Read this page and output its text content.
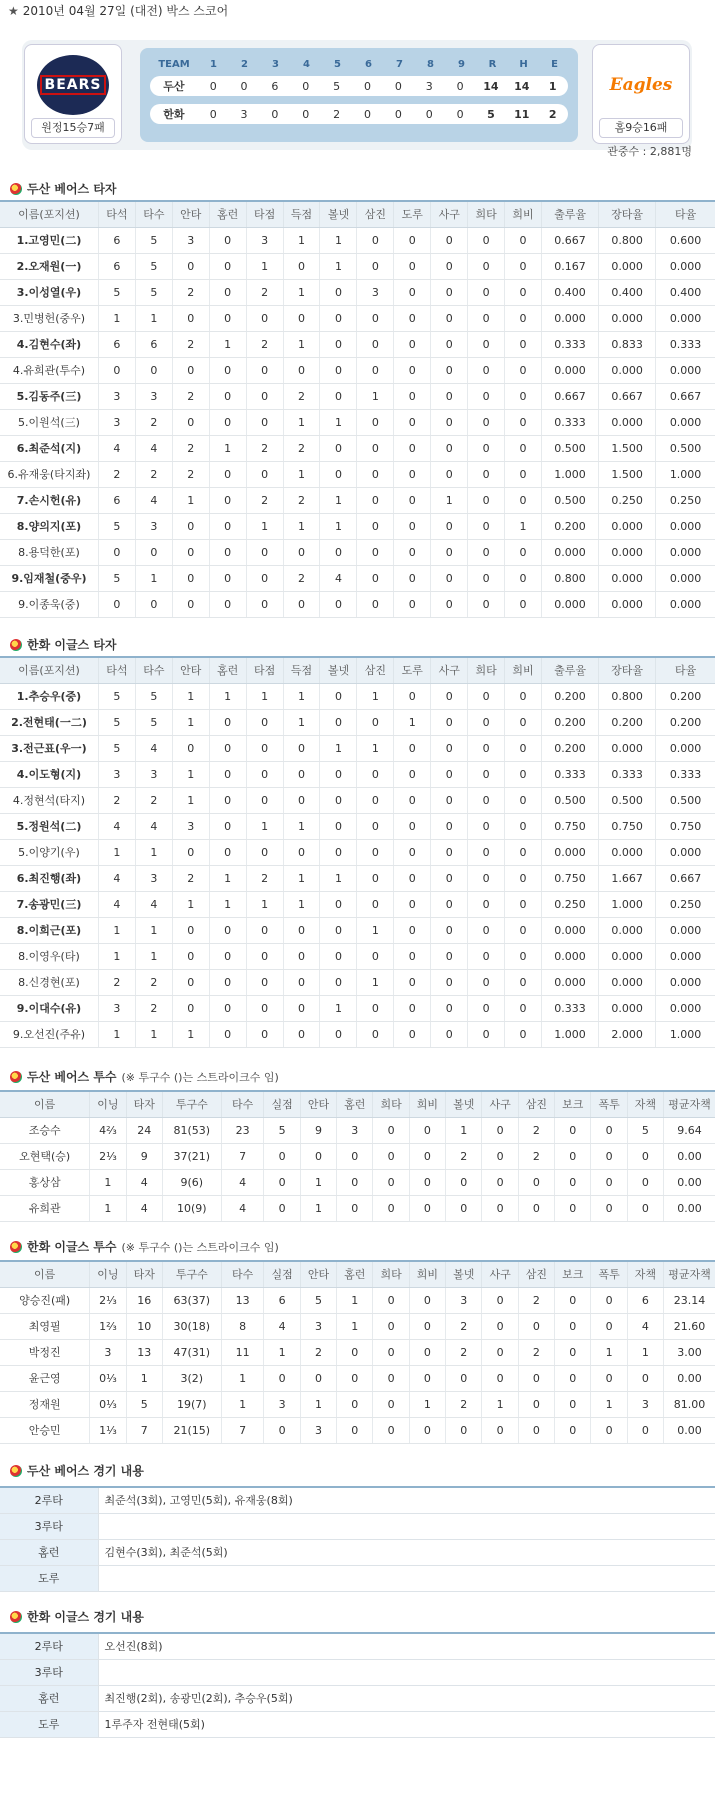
★ 2010년 04월 27일 (대전) 박스 스코어
BEARS
원정15승7패
TEAM	1	2	3	4	5	6	7	8	9	R	H	E
두산	0	0	6	0	5	0	0	3	0	14	14	1
한화	0	3	0	0	2	0	0	0	0	5	11	2
Eagles
홈9승16패
관중수 : 2,881명
두산 베어스 타자
이름(포지션)	타석	타수	안타	홈런	타점	득점	볼넷	삼진	도루	사구	희타	희비	출루율	장타율	타율
1.고영민(二)	6	5	3	0	3	1	1	0	0	0	0	0	0.667	0.800	0.600
2.오재원(一)	6	5	0	0	1	0	1	0	0	0	0	0	0.167	0.000	0.000
3.이성열(우)	5	5	2	0	2	1	0	3	0	0	0	0	0.400	0.400	0.400
3.민병헌(중우)	1	1	0	0	0	0	0	0	0	0	0	0	0.000	0.000	0.000
4.김현수(좌)	6	6	2	1	2	1	0	0	0	0	0	0	0.333	0.833	0.333
4.유희관(투수)	0	0	0	0	0	0	0	0	0	0	0	0	0.000	0.000	0.000
5.김동주(三)	3	3	2	0	0	2	0	1	0	0	0	0	0.667	0.667	0.667
5.이원석(三)	3	2	0	0	0	1	1	0	0	0	0	0	0.333	0.000	0.000
6.최준석(지)	4	4	2	1	2	2	0	0	0	0	0	0	0.500	1.500	0.500
6.유재웅(타지좌)	2	2	2	0	0	1	0	0	0	0	0	0	1.000	1.500	1.000
7.손시헌(유)	6	4	1	0	2	2	1	0	0	1	0	0	0.500	0.250	0.250
8.양의지(포)	5	3	0	0	1	1	1	0	0	0	0	1	0.200	0.000	0.000
8.용덕한(포)	0	0	0	0	0	0	0	0	0	0	0	0	0.000	0.000	0.000
9.임재철(중우)	5	1	0	0	0	2	4	0	0	0	0	0	0.800	0.000	0.000
9.이종욱(중)	0	0	0	0	0	0	0	0	0	0	0	0	0.000	0.000	0.000
한화 이글스 타자
이름(포지션)	타석	타수	안타	홈런	타점	득점	볼넷	삼진	도루	사구	희타	희비	출루율	장타율	타율
1.추승우(중)	5	5	1	1	1	1	0	1	0	0	0	0	0.200	0.800	0.200
2.전현태(一二)	5	5	1	0	0	1	0	0	1	0	0	0	0.200	0.200	0.200
3.전근표(우一)	5	4	0	0	0	0	1	1	0	0	0	0	0.200	0.000	0.000
4.이도형(지)	3	3	1	0	0	0	0	0	0	0	0	0	0.333	0.333	0.333
4.정현석(타지)	2	2	1	0	0	0	0	0	0	0	0	0	0.500	0.500	0.500
5.정원석(二)	4	4	3	0	1	1	0	0	0	0	0	0	0.750	0.750	0.750
5.이양기(우)	1	1	0	0	0	0	0	0	0	0	0	0	0.000	0.000	0.000
6.최진행(좌)	4	3	2	1	2	1	1	0	0	0	0	0	0.750	1.667	0.667
7.송광민(三)	4	4	1	1	1	1	0	0	0	0	0	0	0.250	1.000	0.250
8.이희근(포)	1	1	0	0	0	0	0	1	0	0	0	0	0.000	0.000	0.000
8.이영우(타)	1	1	0	0	0	0	0	0	0	0	0	0	0.000	0.000	0.000
8.신경현(포)	2	2	0	0	0	0	0	1	0	0	0	0	0.000	0.000	0.000
9.이대수(유)	3	2	0	0	0	0	1	0	0	0	0	0	0.333	0.000	0.000
9.오선진(주유)	1	1	1	0	0	0	0	0	0	0	0	0	1.000	2.000	1.000
두산 베어스 투수 (※ 투구수 ()는 스트라이크수 임)
이름	이닝	타자	투구수	타수	실점	안타	홈런	희타	희비	볼넷	사구	삼진	보크	폭투	자책	평균자책
조승수	4⅔	24	81(53)	23	5	9	3	0	0	1	0	2	0	0	5	9.64
오현택(승)	2⅓	9	37(21)	7	0	0	0	0	0	2	0	2	0	0	0	0.00
홍상삼	1	4	9(6)	4	0	1	0	0	0	0	0	0	0	0	0	0.00
유희관	1	4	10(9)	4	0	1	0	0	0	0	0	0	0	0	0	0.00
한화 이글스 투수 (※ 투구수 ()는 스트라이크수 임)
이름	이닝	타자	투구수	타수	실점	안타	홈런	희타	희비	볼넷	사구	삼진	보크	폭투	자책	평균자책
양승진(패)	2⅓	16	63(37)	13	6	5	1	0	0	3	0	2	0	0	6	23.14
최영필	1⅔	10	30(18)	8	4	3	1	0	0	2	0	0	0	0	4	21.60
박정진	3	13	47(31)	11	1	2	0	0	0	2	0	2	0	1	1	3.00
윤근영	0⅓	1	3(2)	1	0	0	0	0	0	0	0	0	0	0	0	0.00
정재원	0⅓	5	19(7)	1	3	1	0	0	1	2	1	0	0	1	3	81.00
안승민	1⅓	7	21(15)	7	0	3	0	0	0	0	0	0	0	0	0	0.00
두산 베어스 경기 내용
2루타	최준석(3회), 고영민(5회), 유재웅(8회)
3루타	
홈런	김현수(3회), 최준석(5회)
도루	
한화 이글스 경기 내용
2루타	오선진(8회)
3루타	
홈런	최진행(2회), 송광민(2회), 추승우(5회)
도루	1루주자 전현태(5회)
